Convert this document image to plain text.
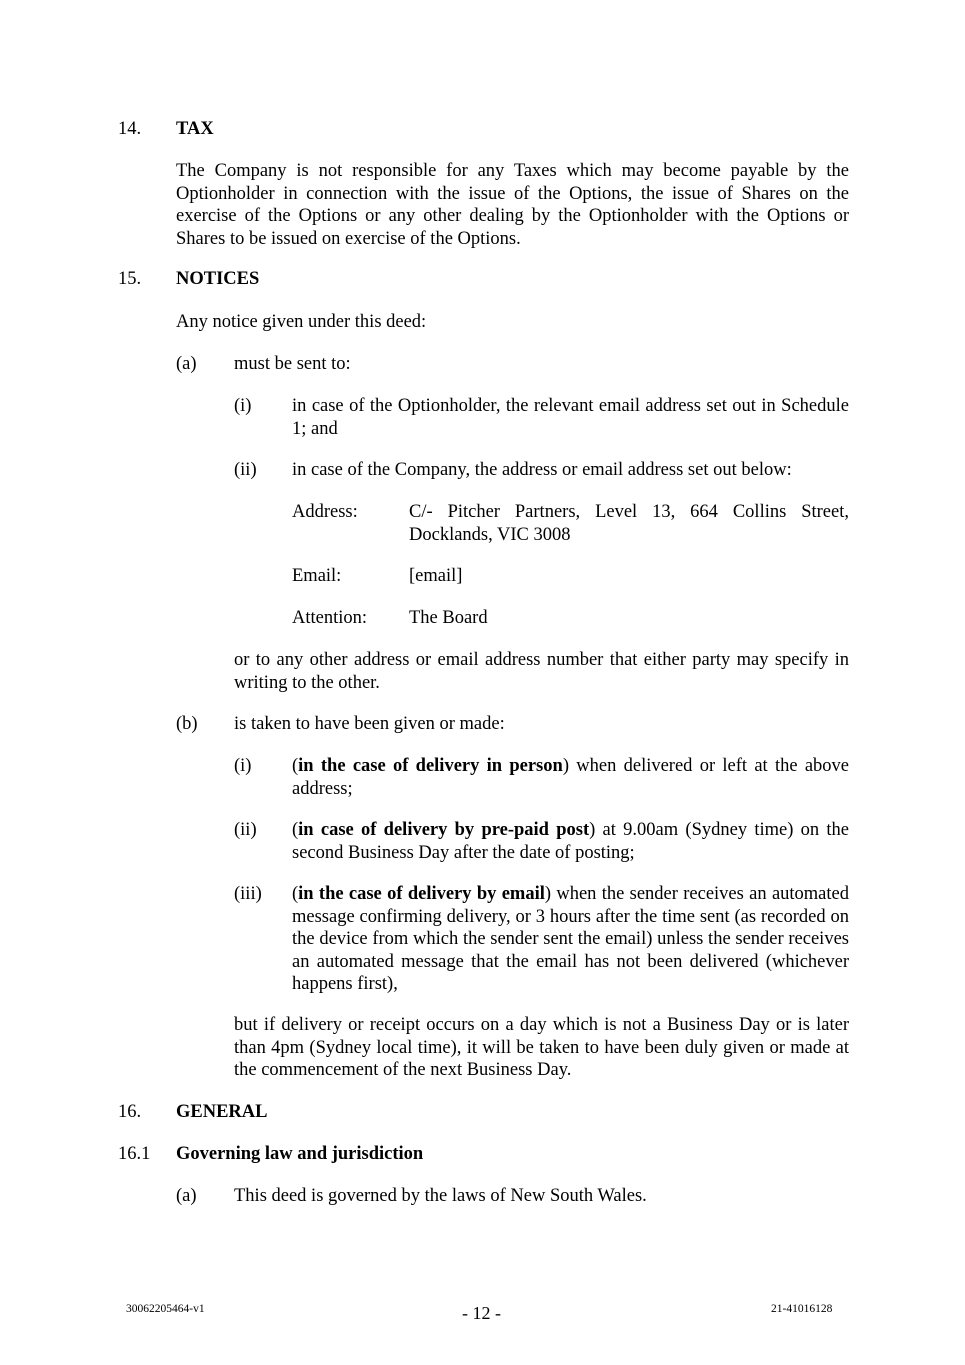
14. TAX
The Company is not responsible for any Taxes which may become payable by the Optionholder in connection with the issue of the Options, the issue of Shares on the exercise of the Options or any other dealing by the Optionholder with the Options or Shares to be issued on exercise of the Options.
15. NOTICES
Any notice given under this deed:
(a) must be sent to:
(i) in case of the Optionholder, the relevant email address set out in Schedule 1; and
(ii) in case of the Company, the address or email address set out below:
Address:	C/- Pitcher Partners, Level 13, 664 Collins Street, Docklands, VIC 3008
Email:	[email]
Attention: The Board
or to any other address or email address number that either party may specify in writing to the other.
(b) is taken to have been given or made:
(i) (in the case of delivery in person) when delivered or left at the above address;
(ii) (in case of delivery by pre-paid post) at 9.00am (Sydney time) on the second Business Day after the date of posting;
(iii) (in the case of delivery by email) when the sender receives an automated message confirming delivery, or 3 hours after the time sent (as recorded on the device from which the sender sent the email) unless the sender receives an automated message that the email has not been delivered (whichever happens first),
but if delivery or receipt occurs on a day which is not a Business Day or is later than 4pm (Sydney local time), it will be taken to have been duly given or made at the commencement of the next Business Day.
16. GENERAL
16.1 Governing law and jurisdiction
(a) This deed is governed by the laws of New South Wales.
30062205464-v1	- 12 -	21-41016128
